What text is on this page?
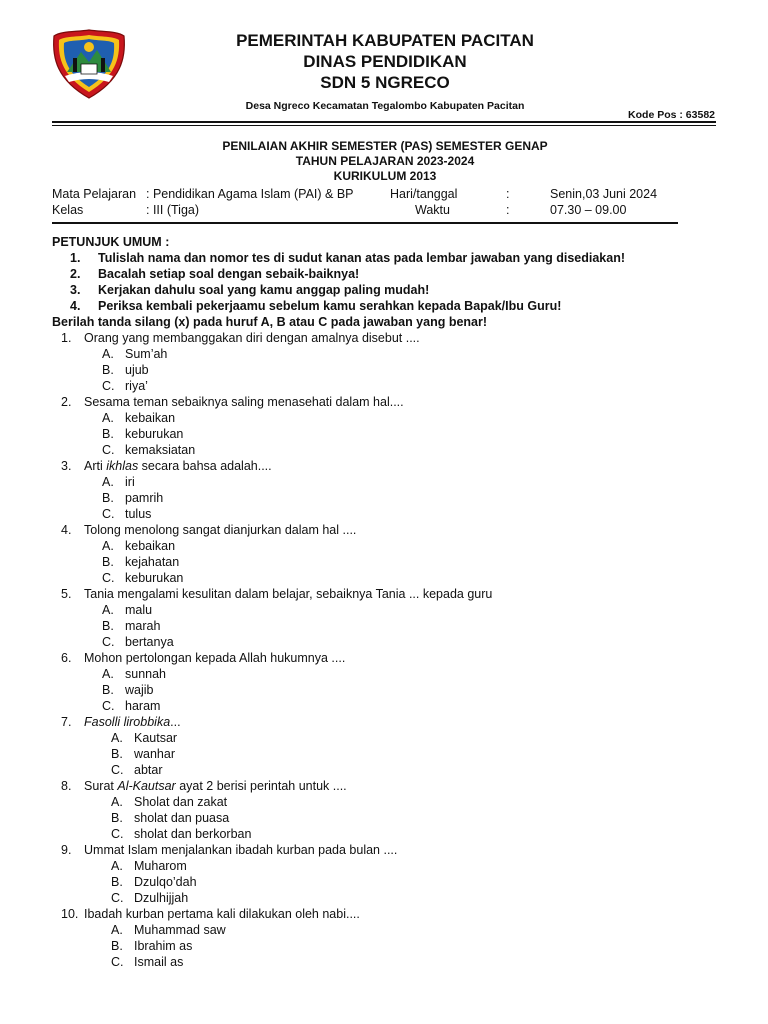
PEMERINTAH KABUPATEN PACITAN
DINAS PENDIDIKAN
SDN 5 NGRECO
Desa Ngreco Kecamatan Tegalombo Kabupaten Pacitan
Kode Pos : 63582
PENILAIAN AKHIR SEMESTER (PAS) SEMESTER GENAP
TAHUN PELAJARAN 2023-2024
KURIKULUM 2013
Mata Pelajaran : Pendidikan Agama Islam (PAI) & BP	Hari/tanggal	:	Senin,03 Juni 2024
Kelas	: III (Tiga)	Waktu	:	07.30 – 09.00
PETUNJUK UMUM :
1. Tulislah nama dan nomor tes di sudut kanan atas pada lembar jawaban yang disediakan!
2. Bacalah setiap soal dengan sebaik-baiknya!
3. Kerjakan dahulu soal yang kamu anggap paling mudah!
4. Periksa kembali pekerjaamu sebelum kamu serahkan kepada Bapak/Ibu Guru!
Berilah tanda silang (x) pada huruf A, B atau C pada jawaban yang benar!
1. Orang yang membanggakan diri dengan amalnya disebut ....
A. Sum’ah
B. ujub
C. riya’
2. Sesama teman sebaiknya saling menasehati dalam hal....
A. kebaikan
B. keburukan
C. kemaksiatan
3. Arti ikhlas secara bahsa adalah....
A. iri
B. pamrih
C. tulus
4. Tolong menolong sangat dianjurkan dalam hal ....
A. kebaikan
B. kejahatan
C. keburukan
5. Tania mengalami kesulitan dalam belajar, sebaiknya Tania ... kepada guru
A. malu
B. marah
C. bertanya
6. Mohon pertolongan kepada Allah hukumnya ....
A. sunnah
B. wajib
C. haram
7. Fasolli lirobbika...
A. Kautsar
B. wanhar
C. abtar
8. Surat Al-Kautsar ayat 2 berisi perintah untuk ....
A. Sholat dan zakat
B. sholat dan puasa
C. sholat dan berkorban
9. Ummat Islam menjalankan ibadah kurban pada bulan ....
A. Muharom
B. Dzulqo’dah
C. Dzulhijjah
10. Ibadah kurban pertama kali dilakukan oleh nabi....
A. Muhammad saw
B. Ibrahim as
C. Ismail as
